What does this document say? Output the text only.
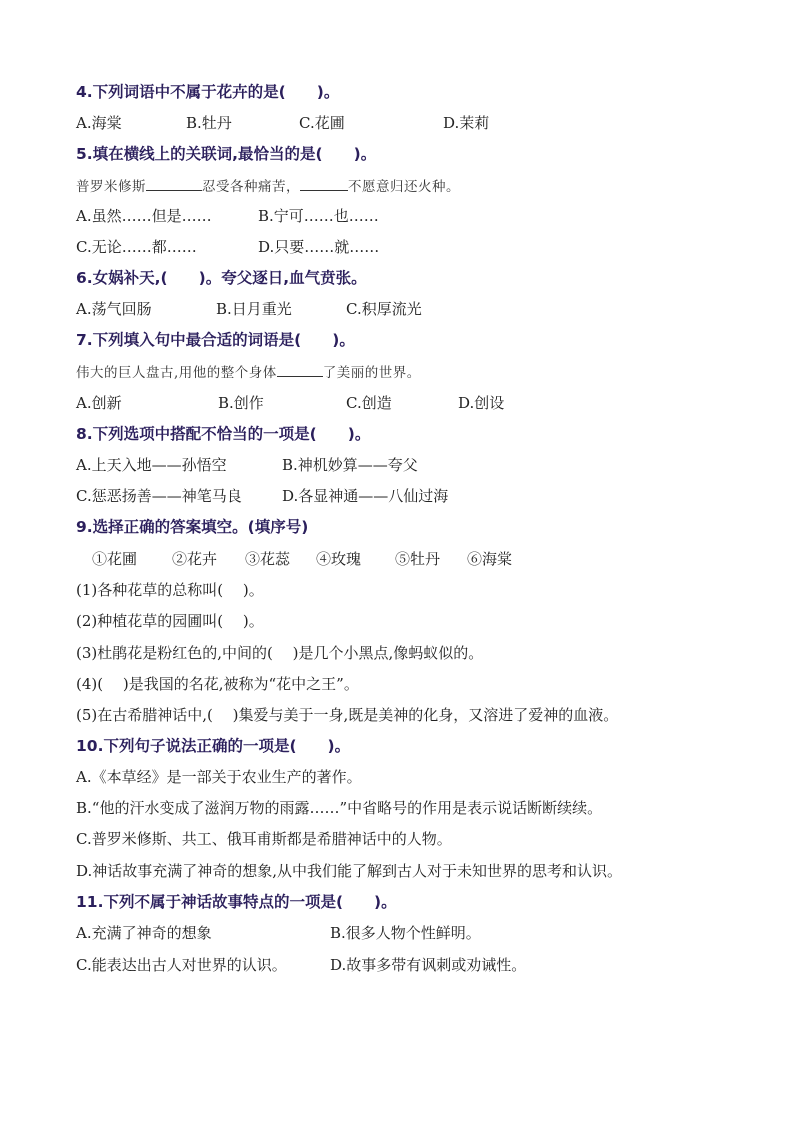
4.下列词语中不属于花卉的是(　　)。
A.海棠	B.牡丹	C.花圃	D.茉莉
5.填在横线上的关联词,最恰当的是(　　)。
普罗米修斯	忍受各种痛苦，	不愿意归还火种。
A.虽然……但是……	B.宁可……也……
C.无论……都……	D.只要……就……
6.女娲补天,(　　)。夸父逐日,血气贲张。
A.荡气回肠	B.日月重光	C.积厚流光
7.下列填入句中最合适的词语是(　　)。
伟大的巨人盘古,用他的整个身体	了美丽的世界。
A.创新	B.创作	C.创造	D.创设
8.下列选项中搭配不恰当的一项是(　　)。
A.上天入地——孙悟空	B.神机妙算——夸父
C.惩恶扬善——神笔马良	D.各显神通——八仙过海
9.选择正确的答案填空。(填序号)
①花圃 ②花卉 ③花蕊 ④玫瑰 ⑤牡丹 ⑥海棠
(1)各种花草的总称叫(　 )。
(2)种植花草的园圃叫(　 )。
(3)杜鹃花是粉红色的,中间的(　 )是几个小黑点,像蚂蚁似的。
(4)(　 )是我国的名花,被称为“花中之王”。
(5)在古希腊神话中,(　 )集爱与美于一身,既是美神的化身，又溶进了爱神的血液。
10.下列句子说法正确的一项是(　　)。
A.《本草经》是一部关于农业生产的著作。
B.“他的汗水变成了滋润万物的雨露……”中省略号的作用是表示说话断断续续。
C.普罗米修斯、共工、俄耳甫斯都是希腊神话中的人物。
D.神话故事充满了神奇的想象,从中我们能了解到古人对于未知世界的思考和认识。
11.下列不属于神话故事特点的一项是(　　)。
A.充满了神奇的想象	B.很多人物个性鲜明。
C.能表达出古人对世界的认识。	D.故事多带有讽刺或劝诫性。
